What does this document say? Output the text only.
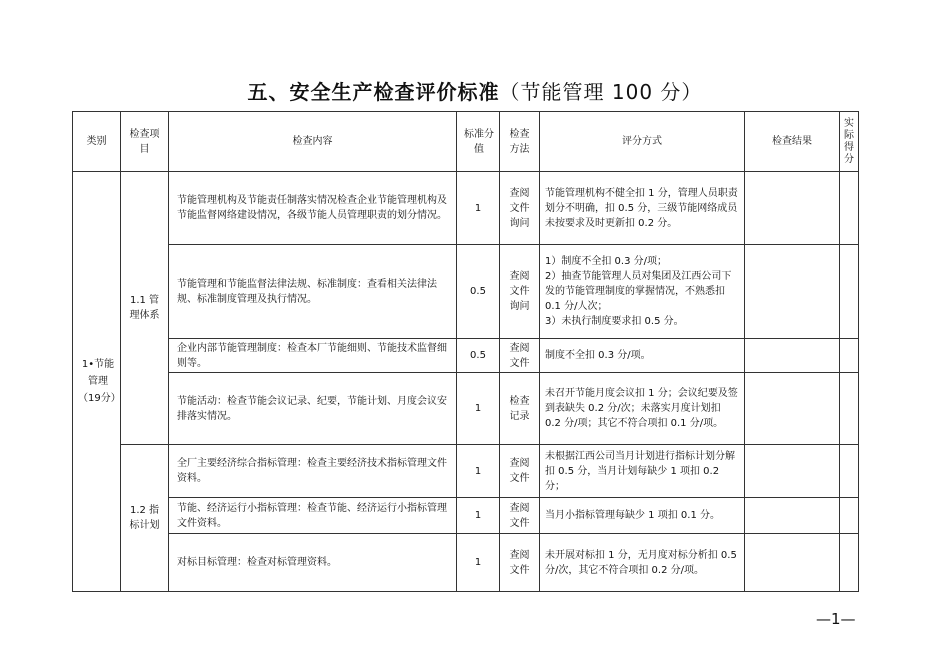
五、安全生产检查评价标准（节能管理 100 分）
类别	检查项目	检查内容	标准分值	检查方法	评分方式	检查结果	实际得分

1•节能管理（19分）	1.1 管理体系	节能管理机构及节能责任制落实情况检查企业节能管理机构及节能监督网络建设情况，各级节能人员管理职责的划分情况。	1	查阅文件询问	节能管理机构不健全扣 1 分，管理人员职责划分不明确，扣 0.5 分，三级节能网络成员未按要求及时更新扣 0.2 分。		
		节能管理和节能监督法律法规、标准制度：查看相关法律法规、标准制度管理及执行情况。	0.5	查阅文件询问	1）制度不全扣 0.3 分/项；
2）抽查节能管理人员对集团及江西公司下发的节能管理制度的掌握情况，不熟悉扣 0.1 分/人次；
3）未执行制度要求扣 0.5 分。		

		企业内部节能管理制度：检查本厂节能细则、节能技术监督细则等。	0.5	查阅文件	制度不全扣 0.3 分/项。		
		节能活动：检查节能会议记录、纪要，节能计划、月度会议安排落实情况。	1	检查记录	未召开节能月度会议扣 1 分；会议纪要及签到表缺失 0.2 分/次；未落实月度计划扣 0.2 分/项；其它不符合项扣 0.1 分/项。		

	1.2 指标计划	全厂主要经济综合指标管理：检查主要经济技术指标管理文件资料。	1	查阅文件	未根据江西公司当月计划进行指标计划分解扣 0.5 分，当月计划每缺少 1 项扣 0.2 分；		
		节能、经济运行小指标管理：检查节能、经济运行小指标管理文件资料。	1	查阅文件	当月小指标管理每缺少 1 项扣 0.1 分。		
		对标目标管理：检查对标管理资料。	1	查阅文件	未开展对标扣 1 分，无月度对标分析扣 0.5 分/次，其它不符合项扣 0.2 分/项。		
—1—
